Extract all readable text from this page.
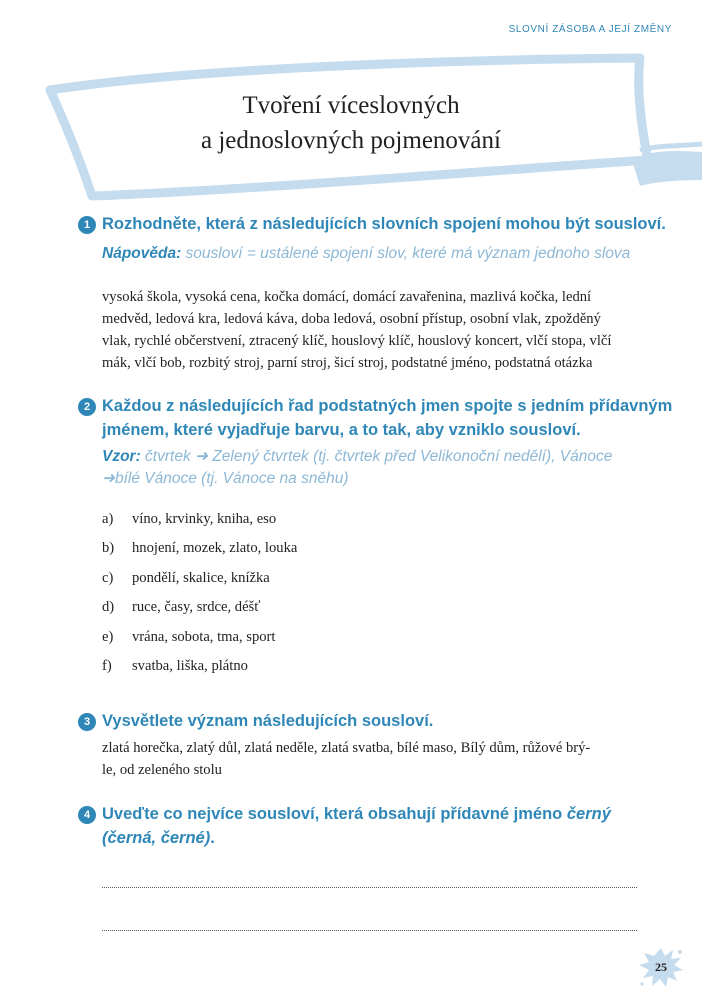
SLOVNÍ ZÁSOBA A JEJÍ ZMĚNY
Tvoření víceslovných
a jednoslovných pojmenování
1 Rozhodněte, která z následujících slovních spojení mohou být sousloví.
Nápověda: sousloví = ustálené spojení slov, které má význam jednoho slova
vysoká škola, vysoká cena, kočka domácí, domácí zavařenina, mazlivá kočka, lední
medvěd, ledová kra, ledová káva, doba ledová, osobní přístup, osobní vlak, zpožděný
vlak, rychlé občerstvení, ztracený klíč, houslový klíč, houslový koncert, vlčí stopa, vlčí
mák, vlčí bob, rozbitý stroj, parní stroj, šicí stroj, podstatné jméno, podstatná otázka
2 Každou z následujících řad podstatných jmen spojte s jedním přídavným
jménem, které vyjadřuje barvu, a to tak, aby vzniklo sousloví.
Vzor: čtvrtek ➜ Zelený čtvrtek (tj. čtvrtek před Velikonoční nedělí), Vánoce
➜bílé Vánoce (tj. Vánoce na sněhu)
a) víno, krvinky, kniha, eso
b) hnojení, mozek, zlato, louka
c) pondělí, skalice, knížka
d) ruce, časy, srdce, déšť
e) vrána, sobota, tma, sport
f) svatba, liška, plátno
3 Vysvětlete význam následujících sousloví.
zlatá horečka, zlatý důl, zlatá neděle, zlatá svatba, bílé maso, Bílý dům, růžové brý-
le, od zeleného stolu
4 Uveďte co nejvíce sousloví, která obsahují přídavné jméno černý
(černá, černé).
25
